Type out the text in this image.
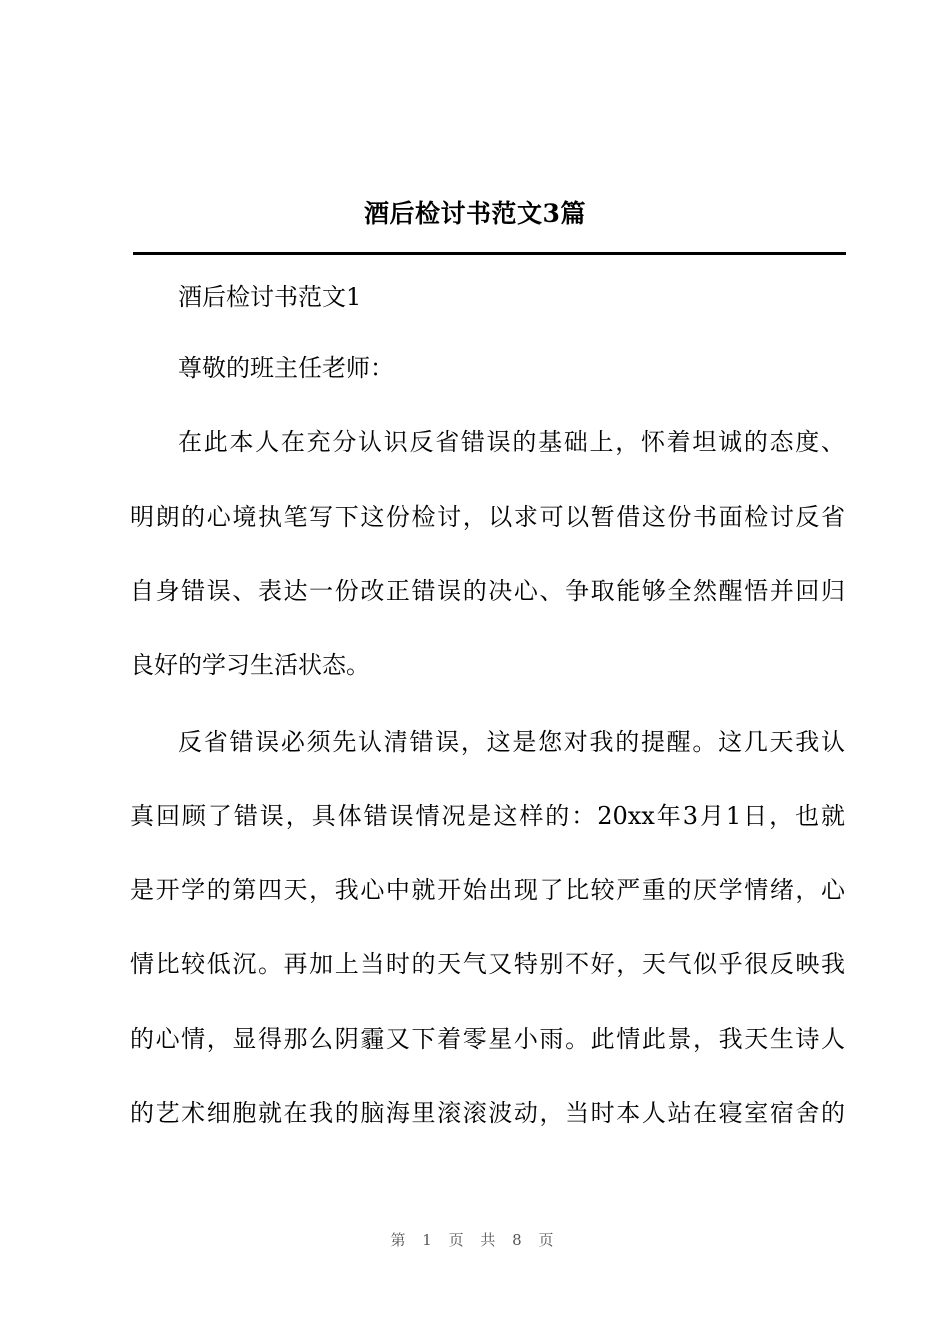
酒后检讨书范文3篇
酒后检讨书范文1
尊敬的班主任老师：
在此本人在充分认识反省错误的基础上，怀着坦诚的态度、
明朗的心境执笔写下这份检讨，以求可以暂借这份书面检讨反省
自身错误、表达一份改正错误的决心、争取能够全然醒悟并回归
良好的学习生活状态。
反省错误必须先认清错误，这是您对我的提醒。这几天我认
真回顾了错误，具体错误情况是这样的：20xx年3月1日，也就
是开学的第四天，我心中就开始出现了比较严重的厌学情绪，心
情比较低沉。再加上当时的天气又特别不好，天气似乎很反映我
的心情，显得那么阴霾又下着零星小雨。此情此景，我天生诗人
的艺术细胞就在我的脑海里滚滚波动，当时本人站在寝室宿舍的
第 1 页 共 8 页
